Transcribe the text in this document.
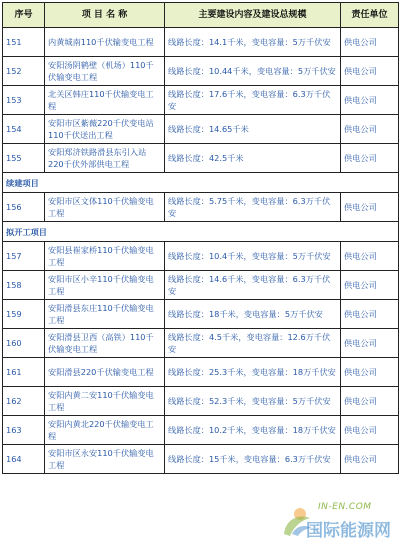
序号	项 目 名 称	主要建设内容及建设总规模	责任单位
151	内黄城南110千伏输变电工程	线路长度：14.1千米，变电容量：5万千伏安	供电公司
152	安阳汤阴鹤壁（机场）110千伏输变电工程	线路长度：10.44千米，变电容量：5万千伏安	供电公司
153	北关区韩庄110千伏输变电工程	线路长度：17.6千米，变电容量：6.3万千伏安	供电公司
154	安阳市区紫薇220千伏变电站110千伏送出工程	线路长度：14.65千米	供电公司
155	安阳郑济铁路滑县东引入站220千伏外部供电工程	线路长度：42.5千米	供电公司
续建项目			
156	安阳市区文体110千伏输变电工程	线路长度：5.75千米，变电容量：6.3万千伏安	供电公司
拟开工项目			
157	安阳县崔家桥110千伏输变电工程	线路长度：10.4千米，变电容量：5万千伏安	供电公司
158	安阳市区小辛110千伏输变电工程	线路长度：14.6千米，变电容量：6.3万千伏安	供电公司
159	安阳滑县东庄110千伏输变电工程	线路长度：18千米，变电容量：5万千伏安	供电公司
160	安阳滑县卫西（高铁）110千伏输变电工程	线路长度：4.5千米，变电容量：12.6万千伏安	供电公司
161	安阳滑县220千伏输变电工程	线路长度：25.3千米，变电容量：18万千伏安	供电公司
162	安阳内黄二安110千伏输变电工程	线路长度：52.3千米，变电容量：5万千伏安	供电公司
163	安阳内黄北220千伏输变电工程	线路长度：10.2千米，变电容量：18万千伏安	供电公司
164	安阳市区永安110千伏输变电工程	线路长度：15千米，变电容量：6.3万千伏安	供电公司
IN-EN.COM
国际能源网
